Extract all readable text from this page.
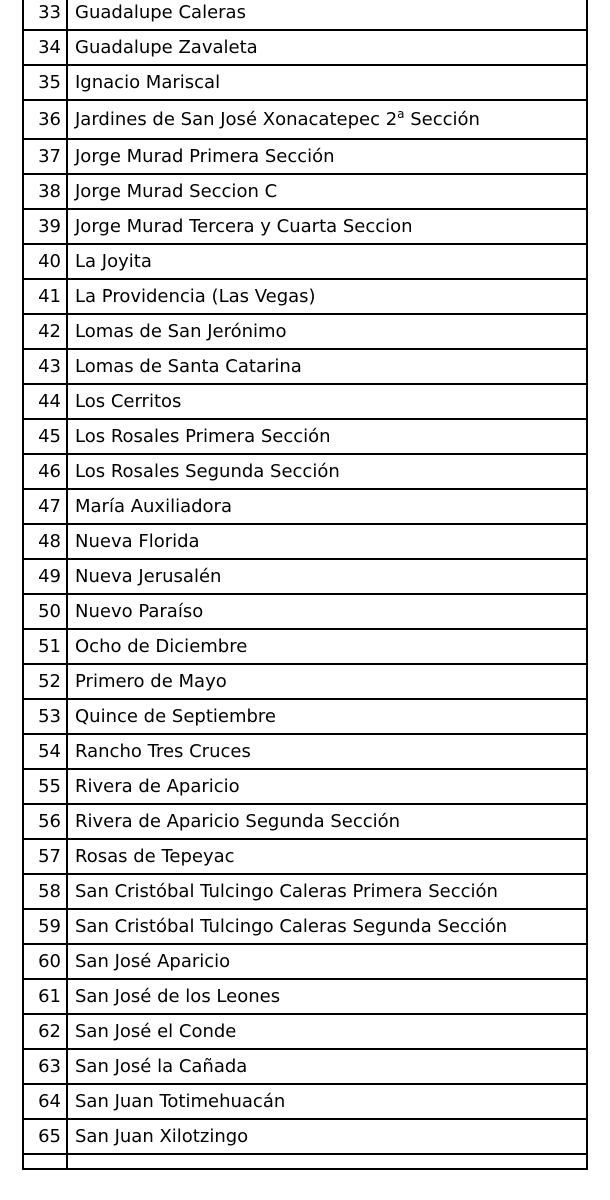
33	Guadalupe Caleras
34	Guadalupe Zavaleta
35	Ignacio Mariscal
36	Jardines de San José Xonacatepec 2$^a$ Sección
37	Jorge Murad Primera Sección
38	Jorge Murad Seccion C
39	Jorge Murad Tercera y Cuarta Seccion
40	La Joyita
41	La Providencia (Las Vegas)
42	Lomas de San Jerónimo
43	Lomas de Santa Catarina
44	Los Cerritos
45	Los Rosales Primera Sección
46	Los Rosales Segunda Sección
47	María Auxiliadora
48	Nueva Florida
49	Nueva Jerusalén
50	Nuevo Paraíso
51	Ocho de Diciembre
52	Primero de Mayo
53	Quince de Septiembre
54	Rancho Tres Cruces
55	Rivera de Aparicio
56	Rivera de Aparicio Segunda Sección
57	Rosas de Tepeyac
58	San Cristóbal Tulcingo Caleras Primera Sección
59	San Cristóbal Tulcingo Caleras Segunda Sección
60	San José Aparicio
61	San José de los Leones
62	San José el Conde
63	San José la Cañada
64	San Juan Totimehuacán
65	San Juan Xilotzingo
